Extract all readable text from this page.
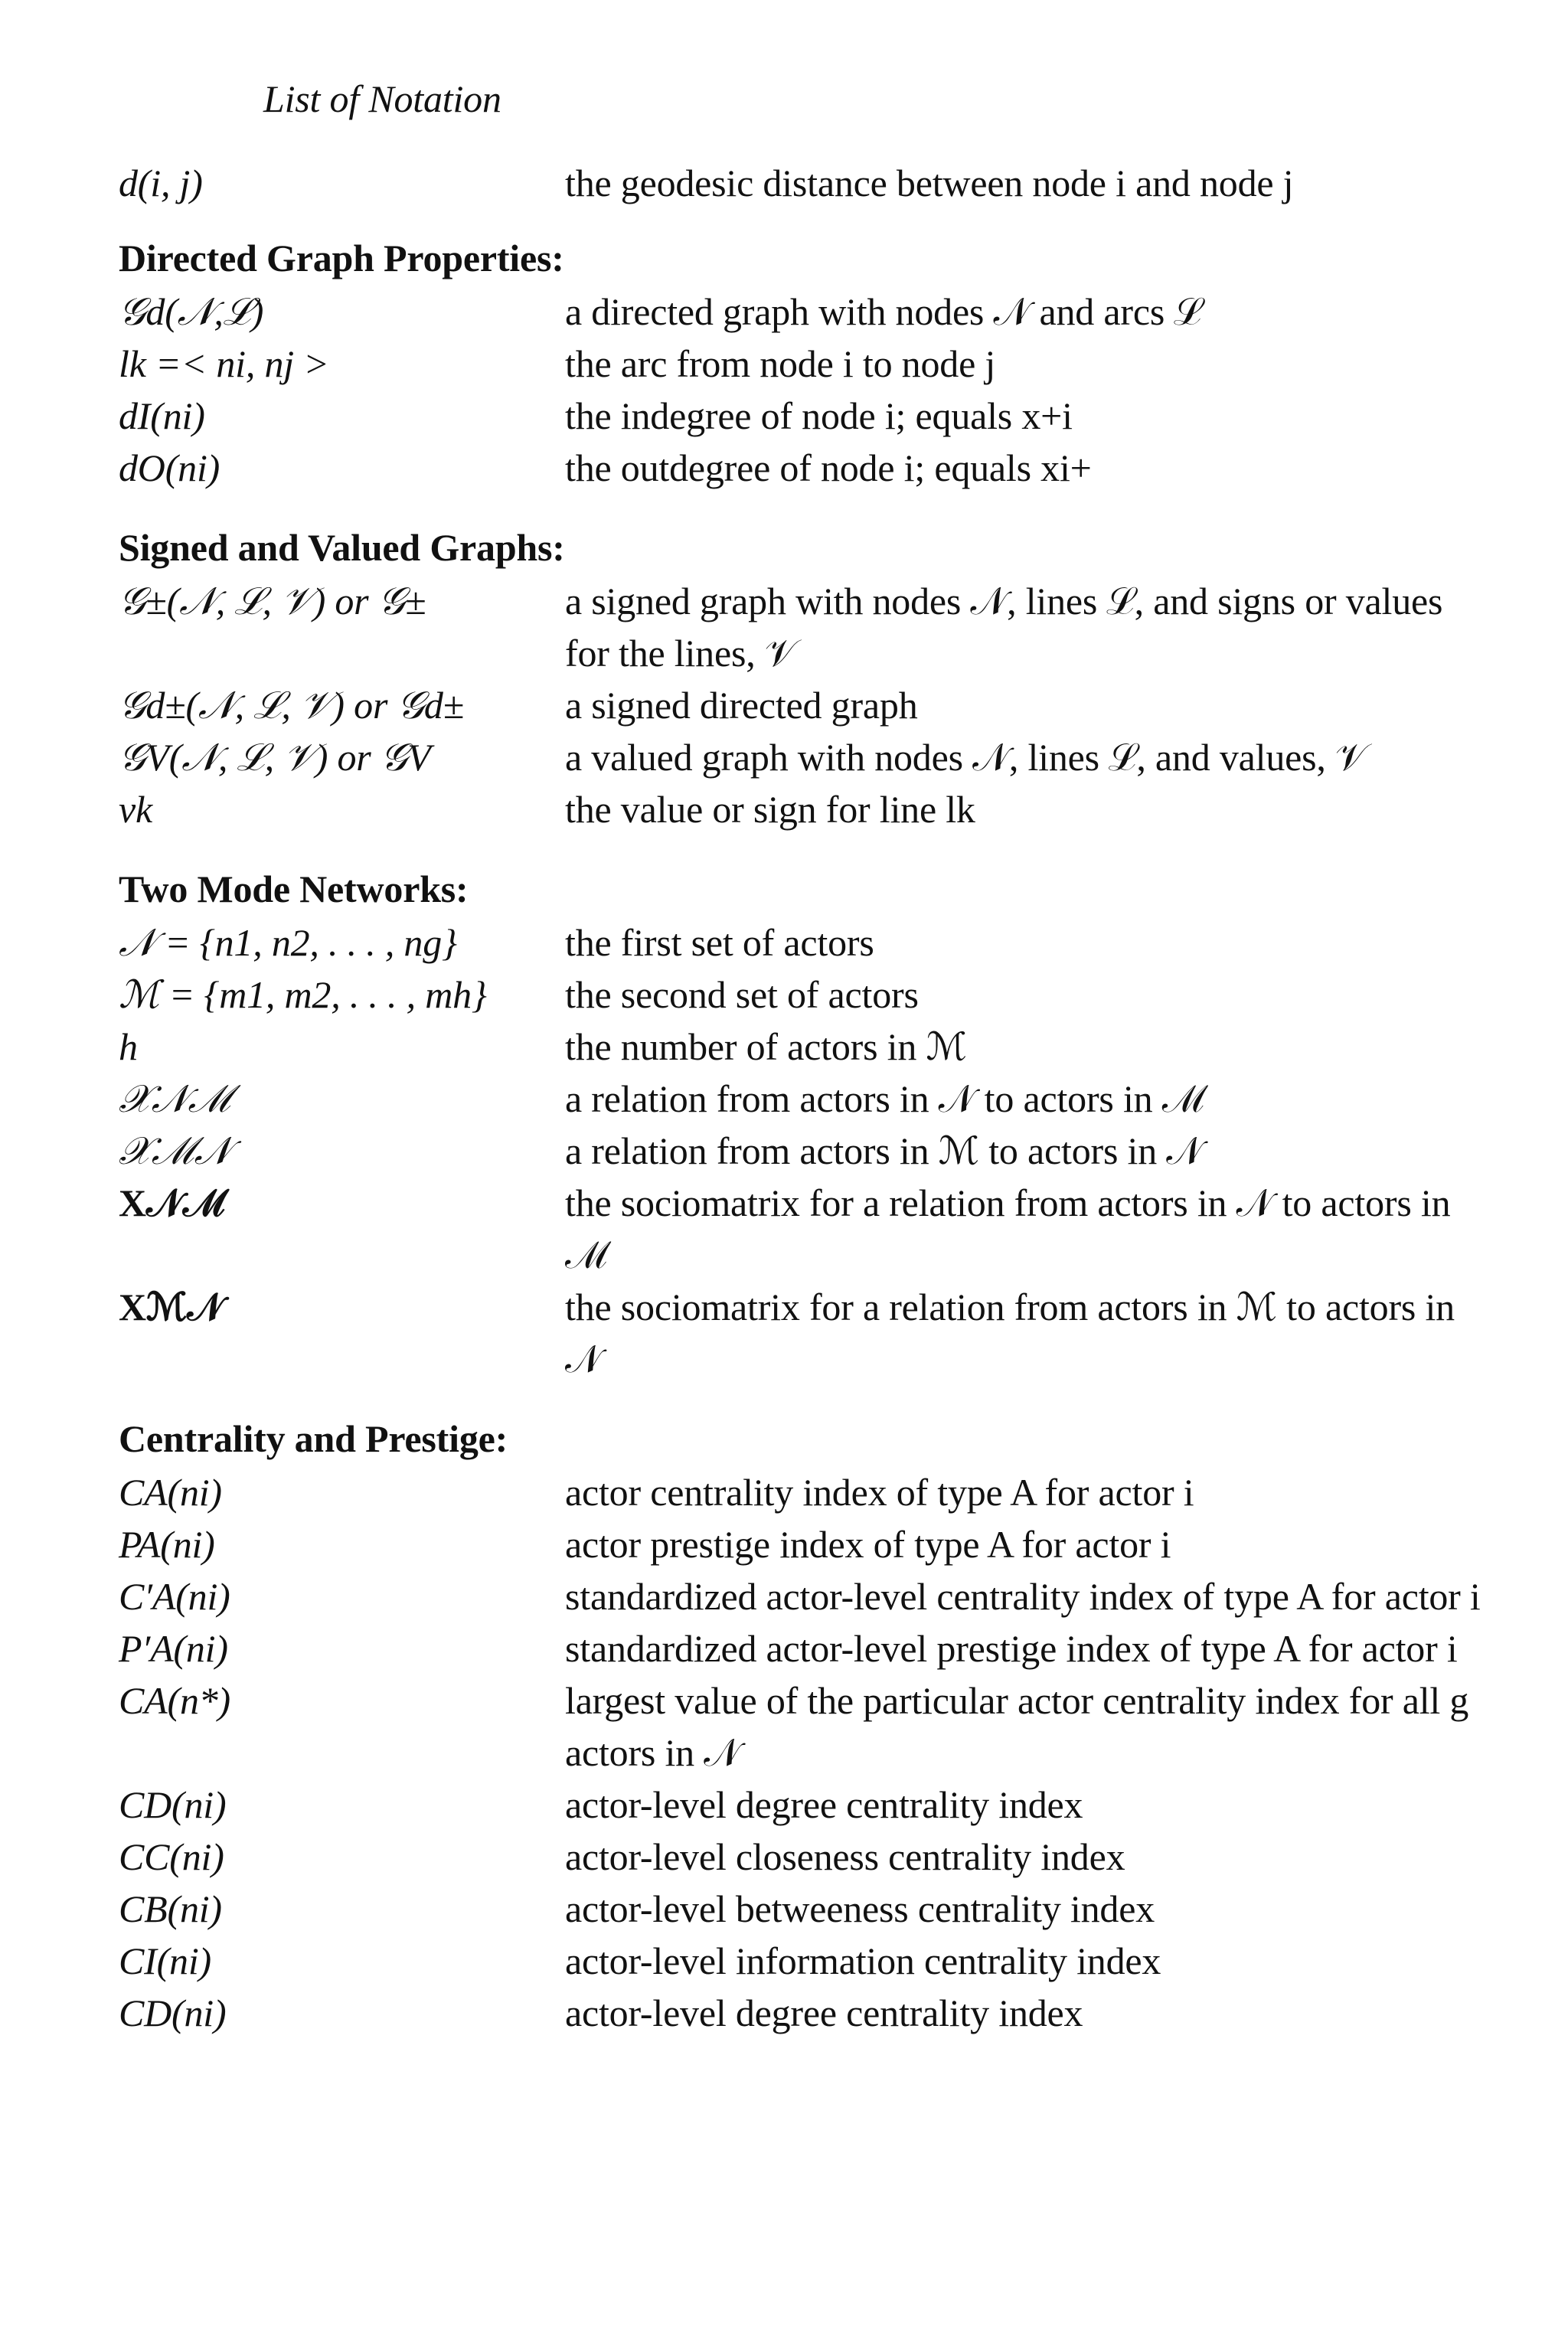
List of Notation
d(i, j)	the geodesic distance between node i and node j
Directed Graph Properties:
𝒢d(𝒩,ℒ)	a directed graph with nodes 𝒩 and arcs ℒ
lk =< ni, nj >	the arc from node i to node j
dI(ni)	the indegree of node i; equals x+i
dO(ni)	the outdegree of node i; equals xi+
Signed and Valued Graphs:
𝒢±(𝒩, ℒ, 𝒱) or 𝒢±	a signed graph with nodes 𝒩, lines ℒ, and signs or values for the lines, 𝒱
𝒢d±(𝒩, ℒ, 𝒱) or 𝒢d±	a signed directed graph
𝒢V(𝒩, ℒ, 𝒱) or 𝒢V	a valued graph with nodes 𝒩, lines ℒ, and values, 𝒱
vk	the value or sign for line lk
Two Mode Networks:
𝒩 = {n1, n2, . . . , ng}	the first set of actors
ℳ = {m1, m2, . . . , mh}	the second set of actors
h	the number of actors in ℳ
𝒳𝒩ℳ	a relation from actors in 𝒩 to actors in ℳ
𝒳ℳ𝒩	a relation from actors in ℳ to actors in 𝒩
X𝒩ℳ	the sociomatrix for a relation from actors in 𝒩 to actors in ℳ
Xℳ𝒩	the sociomatrix for a relation from actors in ℳ to actors in 𝒩
Centrality and Prestige:
CA(ni)	actor centrality index of type A for actor i
PA(ni)	actor prestige index of type A for actor i
C′A(ni)	standardized actor-level centrality index of type A for actor i
P′A(ni)	standardized actor-level prestige index of type A for actor i
CA(n*)	largest value of the particular actor centrality index for all g actors in 𝒩
CD(ni)	actor-level degree centrality index
CC(ni)	actor-level closeness centrality index
CB(ni)	actor-level betweeness centrality index
CI(ni)	actor-level information centrality index
CD(ni)	actor-level degree centrality index
